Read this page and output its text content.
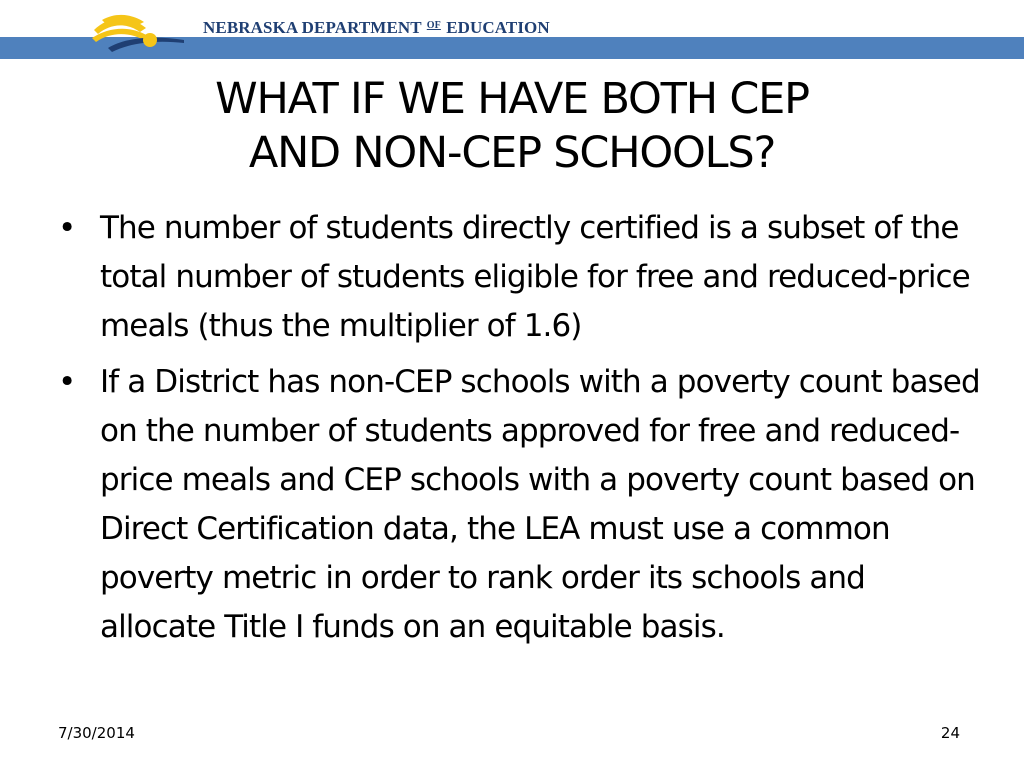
NEBRASKA DEPARTMENT $^{OF}$ EDUCATION
WHAT IF WE HAVE BOTH CEP
AND NON-CEP SCHOOLS?
• The number of students directly certified is a subset of the total number of students eligible for free and reduced-price meals (thus the multiplier of 1.6)
• If a District has non-CEP schools with a poverty count based on the number of students approved for free and reduced-price meals and CEP schools with a poverty count based on Direct Certification data, the LEA must use a common poverty metric in order to rank order its schools and allocate Title I funds on an equitable basis.
7/30/2014	24
